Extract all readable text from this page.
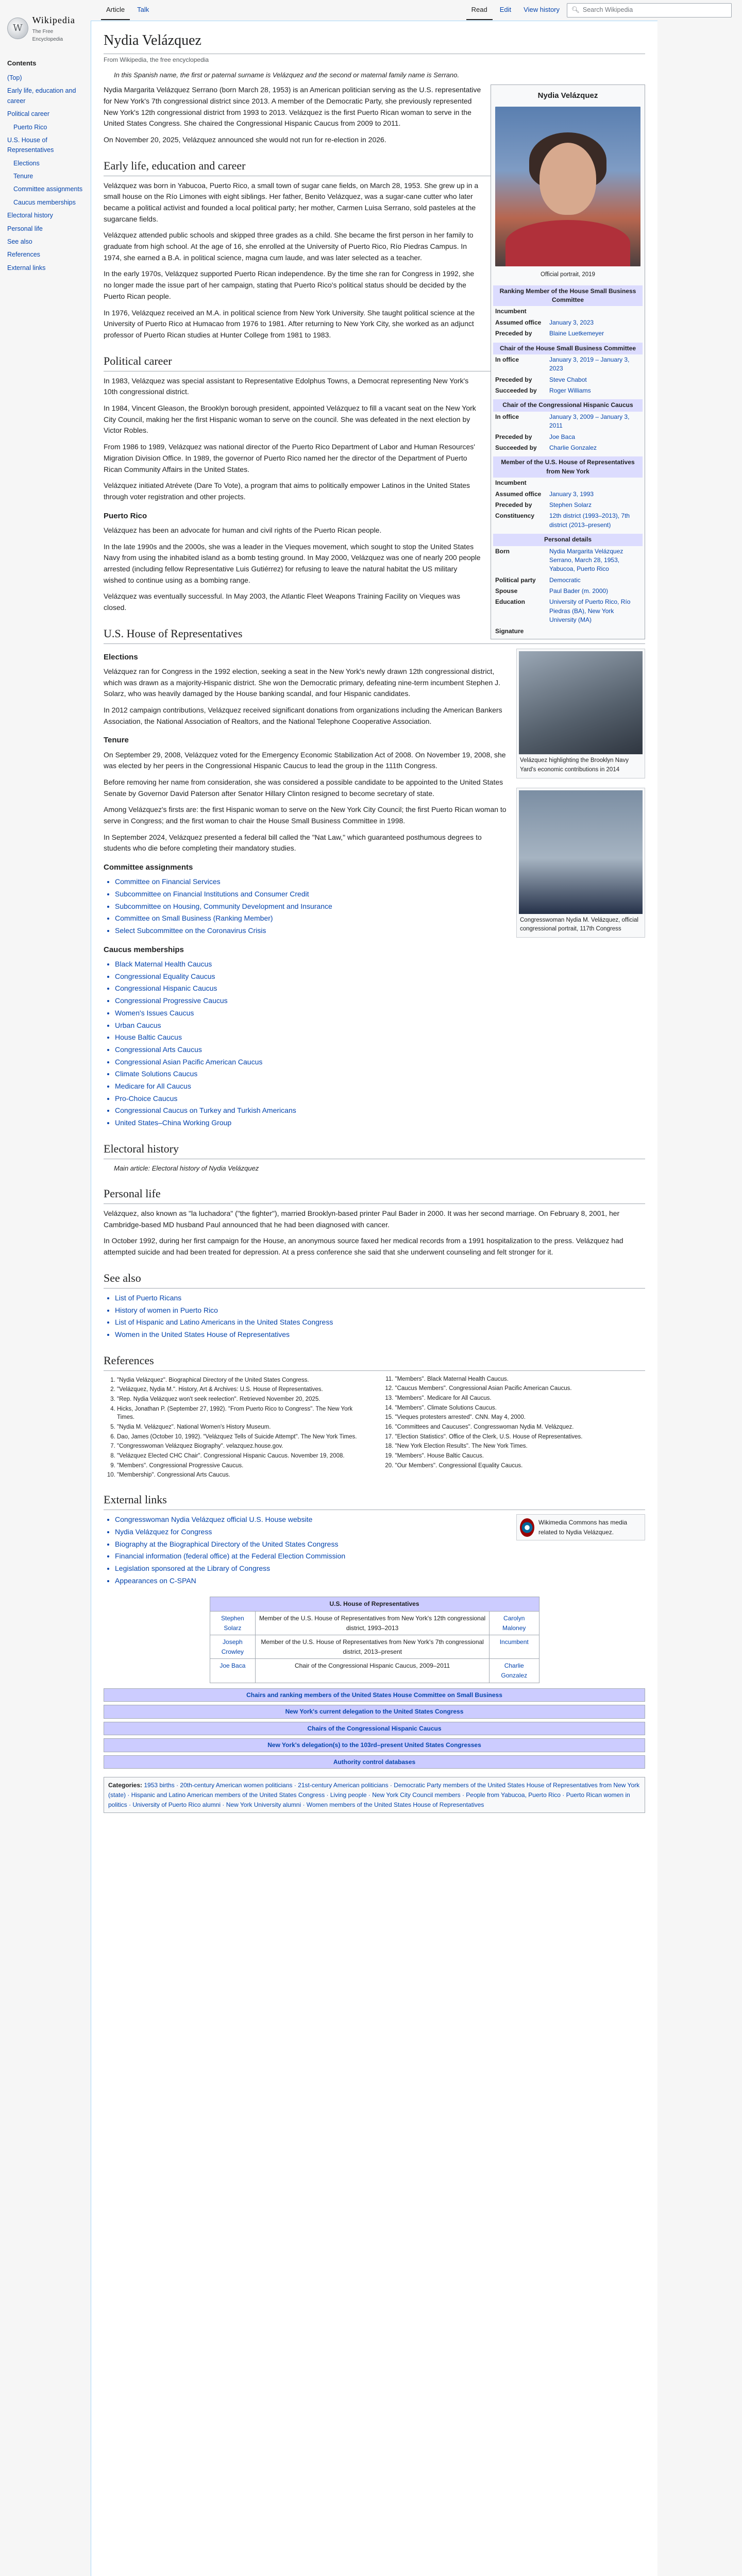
W
Wikipedia
The Free Encyclopedia
Contents
(Top)
Early life, education and career
Political career
Puerto Rico
U.S. House of Representatives
Elections
Tenure
Committee assignments
Caucus memberships
Electoral history
Personal life
See also
References
External links
Article	Talk	Read	Edit	View history	🔍︎ Search Wikipedia
Nydia Velázquez
From Wikipedia, the free encyclopedia
In this Spanish name, the first or paternal surname is Velázquez and the second or maternal family name is Serrano.
Nydia Velázquez
Official portrait, 2019
Ranking Member of the House Small Business Committee
Incumbent
Assumed office	January 3, 2023
Preceded by	Blaine Luetkemeyer
Chair of the House Small Business Committee
In office	January 3, 2019 – January 3, 2023
Preceded by	Steve Chabot
Succeeded by	Roger Williams
Chair of the Congressional Hispanic Caucus
In office	January 3, 2009 – January 3, 2011
Preceded by	Joe Baca
Succeeded by	Charlie Gonzalez
Member of the U.S. House of Representatives from New York
Incumbent
Assumed office	January 3, 1993
Preceded by	Stephen Solarz
Constituency	12th district (1993–2013), 7th district (2013–present)
Personal details
Born	Nydia Margarita Velázquez Serrano, March 28, 1953, Yabucoa, Puerto Rico
Political party	Democratic
Spouse	Paul Bader (m. 2000)
Education	University of Puerto Rico, Río Piedras (BA), New York University (MA)
Signature

Nydia Margarita Velázquez Serrano (born March 28, 1953) is an American politician serving as the U.S. representative for New York's 7th congressional district since 2013. A member of the Democratic Party, she previously represented New York's 12th congressional district from 1993 to 2013. Velázquez is the first Puerto Rican woman to serve in the United States Congress. She chaired the Congressional Hispanic Caucus from 2009 to 2011.

On November 20, 2025, Velázquez announced she would not run for re-election in 2026.

Early life, education and career

Velázquez was born in Yabucoa, Puerto Rico, a small town of sugar cane fields, on March 28, 1953. She grew up in a small house on the Río Limones with eight siblings. Her father, Benito Velázquez, was a sugar-cane cutter who later became a political activist and founded a local political party; her mother, Carmen Luisa Serrano, sold pasteles at the sugarcane fields.

Velázquez attended public schools and skipped three grades as a child. She became the first person in her family to graduate from high school. At the age of 16, she enrolled at the University of Puerto Rico, Río Piedras Campus. In 1974, she earned a B.A. in political science, magna cum laude, and was later selected as a teacher.

In the early 1970s, Velázquez supported Puerto Rican independence. By the time she ran for Congress in 1992, she no longer made the issue part of her campaign, stating that Puerto Rico's political status should be decided by the Puerto Rican people.

In 1976, Velázquez received an M.A. in political science from New York University. She taught political science at the University of Puerto Rico at Humacao from 1976 to 1981. After returning to New York City, she worked as an adjunct professor of Puerto Rican studies at Hunter College from 1981 to 1983.

Political career

In 1983, Velázquez was special assistant to Representative Edolphus Towns, a Democrat representing New York's 10th congressional district.

In 1984, Vincent Gleason, the Brooklyn borough president, appointed Velázquez to fill a vacant seat on the New York City Council, making her the first Hispanic woman to serve on the council. She was defeated in the next election by Victor Robles.

From 1986 to 1989, Velázquez was national director of the Puerto Rico Department of Labor and Human Resources' Migration Division Office. In 1989, the governor of Puerto Rico named her the director of the Department of Puerto Rican Community Affairs in the United States.

Velázquez initiated Atrévete (Dare To Vote), a program that aims to politically empower Latinos in the United States through voter registration and other projects.

Puerto Rico
Velázquez highlighting the Brooklyn Navy Yard's economic contributions in 2014

Velázquez has been an advocate for human and civil rights of the Puerto Rican people.

In the late 1990s and the 2000s, she was a leader in the Vieques movement, which sought to stop the United States Navy from using the inhabited island as a bomb testing ground. In May 2000, Velázquez was one of nearly 200 people arrested (including fellow Representative Luis Gutiérrez) for refusing to leave the natural habitat the US military wished to continue using as a bombing range.

Velázquez was eventually successful. In May 2003, the Atlantic Fleet Weapons Training Facility on Vieques was closed.

U.S. House of Representatives
Elections
Congresswoman Nydia M. Velázquez, official congressional portrait, 117th Congress

Velázquez ran for Congress in the 1992 election, seeking a seat in the New York's newly drawn 12th congressional district, which was drawn as a majority-Hispanic district. She won the Democratic primary, defeating nine-term incumbent Stephen J. Solarz, who was heavily damaged by the House banking scandal, and four Hispanic candidates.

In 2012 campaign contributions, Velázquez received significant donations from organizations including the American Bankers Association, the National Association of Realtors, and the National Telephone Cooperative Association.

Tenure

On September 29, 2008, Velázquez voted for the Emergency Economic Stabilization Act of 2008. On November 19, 2008, she was elected by her peers in the Congressional Hispanic Caucus to lead the group in the 111th Congress.

Before removing her name from consideration, she was considered a possible candidate to be appointed to the United States Senate by Governor David Paterson after Senator Hillary Clinton resigned to become secretary of state.

Among Velázquez's firsts are: the first Hispanic woman to serve on the New York City Council; the first Puerto Rican woman to serve in Congress; and the first woman to chair the House Small Business Committee in 1998.

In September 2024, Velázquez presented a federal bill called the "Nat Law," which guaranteed posthumous degrees to students who die before completing their mandatory studies.

Committee assignments
• Committee on Financial Services
• Subcommittee on Financial Institutions and Consumer Credit
• Subcommittee on Housing, Community Development and Insurance
• Committee on Small Business (Ranking Member)
• Select Subcommittee on the Coronavirus Crisis
Caucus memberships
• Black Maternal Health Caucus
• Congressional Equality Caucus
• Congressional Hispanic Caucus
• Congressional Progressive Caucus
• Women's Issues Caucus
• Urban Caucus
• House Baltic Caucus
• Congressional Arts Caucus
• Congressional Asian Pacific American Caucus
• Climate Solutions Caucus
• Medicare for All Caucus
• Pro-Choice Caucus
• Congressional Caucus on Turkey and Turkish Americans
• United States–China Working Group
Electoral history
Main article: Electoral history of Nydia Velázquez
Personal life

Velázquez, also known as "la luchadora" ("the fighter"), married Brooklyn-based printer Paul Bader in 2000. It was her second marriage. On February 8, 2001, her Cambridge-based MD husband Paul announced that he had been diagnosed with cancer.

In October 1992, during her first campaign for the House, an anonymous source faxed her medical records from a 1991 hospitalization to the press. Velázquez had attempted suicide and had been treated for depression. At a press conference she said that she underwent counseling and felt stronger for it.

See also
• List of Puerto Ricans
• History of women in Puerto Rico
• List of Hispanic and Latino Americans in the United States Congress
• Women in the United States House of Representatives
References
1. "Nydia Velázquez". Biographical Directory of the United States Congress.
2. "Velázquez, Nydia M.". History, Art & Archives: U.S. House of Representatives.
3. "Rep. Nydia Velázquez won't seek reelection". Retrieved November 20, 2025.
4. Hicks, Jonathan P. (September 27, 1992). "From Puerto Rico to Congress". The New York Times.
5. "Nydia M. Velázquez". National Women's History Museum.
6. Dao, James (October 10, 1992). "Velázquez Tells of Suicide Attempt". The New York Times.
7. "Congresswoman Velázquez Biography". velazquez.house.gov.
8. "Velázquez Elected CHC Chair". Congressional Hispanic Caucus. November 19, 2008.
9. "Members". Congressional Progressive Caucus.
10. "Membership". Congressional Arts Caucus.
11. "Members". Black Maternal Health Caucus.
12. "Caucus Members". Congressional Asian Pacific American Caucus.
13. "Members". Medicare for All Caucus.
14. "Members". Climate Solutions Caucus.
15. "Vieques protesters arrested". CNN. May 4, 2000.
16. "Committees and Caucuses". Congresswoman Nydia M. Velázquez.
17. "Election Statistics". Office of the Clerk, U.S. House of Representatives.
18. "New York Election Results". The New York Times.
19. "Members". House Baltic Caucus.
20. "Our Members". Congressional Equality Caucus.
External links
Wikimedia Commons has media related to Nydia Velázquez.
• Congresswoman Nydia Velázquez official U.S. House website
• Nydia Velázquez for Congress
• Biography at the Biographical Directory of the United States Congress
• Financial information (federal office) at the Federal Election Commission
• Legislation sponsored at the Library of Congress
• Appearances on C-SPAN
U.S. House of Representatives		
Stephen Solarz	Member of the U.S. House of Representatives from New York's 12th congressional district, 1993–2013	Carolyn Maloney
Joseph Crowley	Member of the U.S. House of Representatives from New York's 7th congressional district, 2013–present	Incumbent
Joe Baca	Chair of the Congressional Hispanic Caucus, 2009–2011	Charlie Gonzalez
Chairs and ranking members of the United States House Committee on Small Business
New York's current delegation to the United States Congress
Chairs of the Congressional Hispanic Caucus
New York's delegation(s) to the 103rd–present United States Congresses
Authority control databases
Categories: 1953 births · 20th-century American women politicians · 21st-century American politicians · Democratic Party members of the United States House of Representatives from New York (state) · Hispanic and Latino American members of the United States Congress · Living people · New York City Council members · People from Yabucoa, Puerto Rico · Puerto Rican women in politics · University of Puerto Rico alumni · New York University alumni · Women members of the United States House of Representatives
